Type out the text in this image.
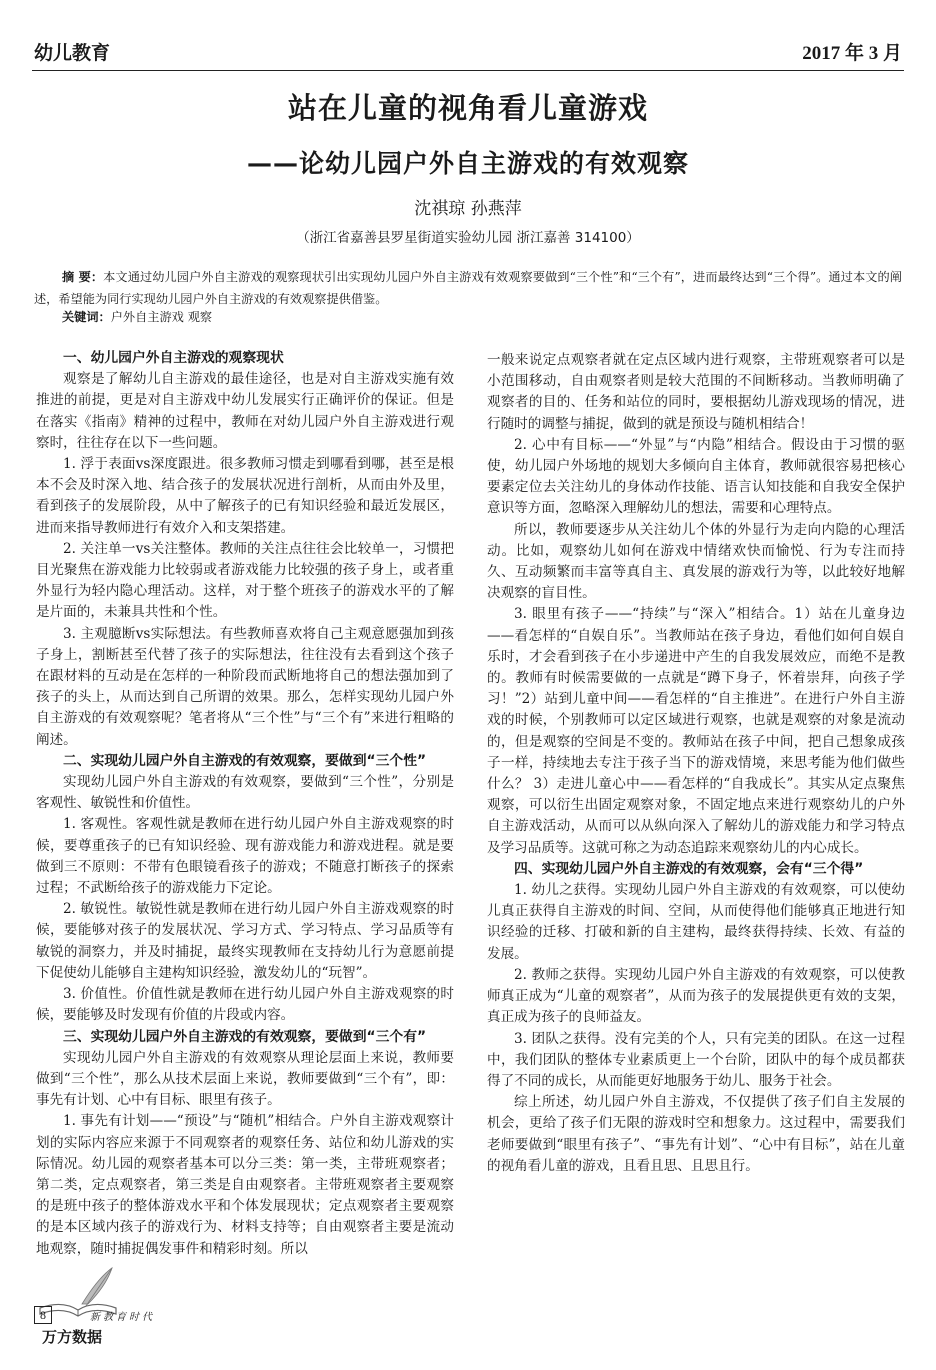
幼儿教育	2017 年 3 月
站在儿童的视角看儿童游戏
——论幼儿园户外自主游戏的有效观察
沈祺琼 孙燕萍
（浙江省嘉善县罗星街道实验幼儿园 浙江嘉善 314100）
摘 要：本文通过幼儿园户外自主游戏的观察现状引出实现幼儿园户外自主游戏有效观察要做到“三个性”和“三个有”，进而最终达到“三个得”。通过本文的阐述，希望能为同行实现幼儿园户外自主游戏的有效观察提供借鉴。
关键词：户外自主游戏 观察
一、幼儿园户外自主游戏的观察现状

观察是了解幼儿自主游戏的最佳途径，也是对自主游戏实施有效推进的前提，更是对自主游戏中幼儿发展实行正确评价的保证。但是在落实《指南》精神的过程中，教师在对幼儿园户外自主游戏进行观察时，往往存在以下一些问题。

1. 浮于表面vs深度跟进。很多教师习惯走到哪看到哪，甚至是根本不会及时深入地、结合孩子的发展状况进行剖析，从而由外及里，看到孩子的发展阶段，从中了解孩子的已有知识经验和最近发展区，进而来指导教师进行有效介入和支架搭建。

2. 关注单一vs关注整体。教师的关注点往往会比较单一，习惯把目光聚焦在游戏能力比较弱或者游戏能力比较强的孩子身上，或者重外显行为轻内隐心理活动。这样，对于整个班孩子的游戏水平的了解是片面的，未兼具共性和个性。

3. 主观臆断vs实际想法。有些教师喜欢将自己主观意愿强加到孩子身上，割断甚至代替了孩子的实际想法，往往没有去看到这个孩子在跟材料的互动是在怎样的一种阶段而武断地将自己的想法强加到了孩子的头上，从而达到自己所谓的效果。那么，怎样实现幼儿园户外自主游戏的有效观察呢？笔者将从“三个性”与“三个有”来进行粗略的阐述。

二、实现幼儿园户外自主游戏的有效观察，要做到“三个性”

实现幼儿园户外自主游戏的有效观察，要做到“三个性”，分别是客观性、敏锐性和价值性。

1. 客观性。客观性就是教师在进行幼儿园户外自主游戏观察的时候，要尊重孩子的已有知识经验、现有游戏能力和游戏进程。就是要做到三不原则：不带有色眼镜看孩子的游戏；不随意打断孩子的探索过程；不武断给孩子的游戏能力下定论。

2. 敏锐性。敏锐性就是教师在进行幼儿园户外自主游戏观察的时候，要能够对孩子的发展状况、学习方式、学习特点、学习品质等有敏锐的洞察力，并及时捕捉，最终实现教师在支持幼儿行为意愿前提下促使幼儿能够自主建构知识经验，激发幼儿的“玩智”。

3. 价值性。价值性就是教师在进行幼儿园户外自主游戏观察的时候，要能够及时发现有价值的片段或内容。

三、实现幼儿园户外自主游戏的有效观察，要做到“三个有”

实现幼儿园户外自主游戏的有效观察从理论层面上来说，教师要做到“三个性”，那么从技术层面上来说，教师要做到“三个有”，即：事先有计划、心中有目标、眼里有孩子。

1. 事先有计划——“预设”与“随机”相结合。户外自主游戏观察计划的实际内容应来源于不同观察者的观察任务、站位和幼儿游戏的实际情况。幼儿园的观察者基本可以分三类：第一类，主带班观察者；第二类，定点观察者，第三类是自由观察者。主带班观察者主要观察的是班中孩子的整体游戏水平和个体发展现状；定点观察者主要观察的是本区域内孩子的游戏行为、材料支持等；自由观察者主要是流动地观察，随时捕捉偶发事件和精彩时刻。所以

一般来说定点观察者就在定点区域内进行观察，主带班观察者可以是小范围移动，自由观察者则是较大范围的不间断移动。当教师明确了观察者的目的、任务和站位的同时，要根据幼儿游戏现场的情况，进行随时的调整与捕捉，做到的就是预设与随机相结合！

2. 心中有目标——“外显”与“内隐”相结合。假设由于习惯的驱使，幼儿园户外场地的规划大多倾向自主体育，教师就很容易把核心要素定位去关注幼儿的身体动作技能、语言认知技能和自我安全保护意识等方面，忽略深入理解幼儿的想法，需要和心理特点。

所以，教师要逐步从关注幼儿个体的外显行为走向内隐的心理活动。比如，观察幼儿如何在游戏中情绪欢快而愉悦、行为专注而持久、互动频繁而丰富等真自主、真发展的游戏行为等，以此较好地解决观察的盲目性。

3. 眼里有孩子——“持续”与“深入”相结合。1）站在儿童身边——看怎样的“自娱自乐”。当教师站在孩子身边，看他们如何自娱自乐时，才会看到孩子在小步递进中产生的自我发展效应，而绝不是教的。教师有时候需要做的一点就是“蹲下身子，怀着崇拜，向孩子学习！”2）站到儿童中间——看怎样的“自主推进”。在进行户外自主游戏的时候，个别教师可以定区域进行观察，也就是观察的对象是流动的，但是观察的空间是不变的。教师站在孩子中间，把自己想象成孩子一样，持续地去专注于孩子当下的游戏情境，来思考能为他们做些什么？ 3）走进儿童心中——看怎样的“自我成长”。其实从定点聚焦观察，可以衍生出固定观察对象，不固定地点来进行观察幼儿的户外自主游戏活动，从而可以从纵向深入了解幼儿的游戏能力和学习特点及学习品质等。这就可称之为动态追踪来观察幼儿的内心成长。

四、实现幼儿园户外自主游戏的有效观察，会有“三个得”

1. 幼儿之获得。实现幼儿园户外自主游戏的有效观察，可以使幼儿真正获得自主游戏的时间、空间，从而使得他们能够真正地进行知识经验的迁移、打破和新的自主建构，最终获得持续、长效、有益的发展。

2. 教师之获得。实现幼儿园户外自主游戏的有效观察，可以使教师真正成为“儿童的观察者”，从而为孩子的发展提供更有效的支架，真正成为孩子的良师益友。

3. 团队之获得。没有完美的个人，只有完美的团队。在这一过程中，我们团队的整体专业素质更上一个台阶，团队中的每个成员都获得了不同的成长，从而能更好地服务于幼儿、服务于社会。

综上所述，幼儿园户外自主游戏，不仅提供了孩子们自主发展的机会，更给了孩子们无限的游戏时空和想象力。这过程中，需要我们老师要做到“眼里有孩子”、“事先有计划”、“心中有目标”，站在儿童的视角看儿童的游戏，且看且思、且思且行。

8	新教育时代
万方数据
